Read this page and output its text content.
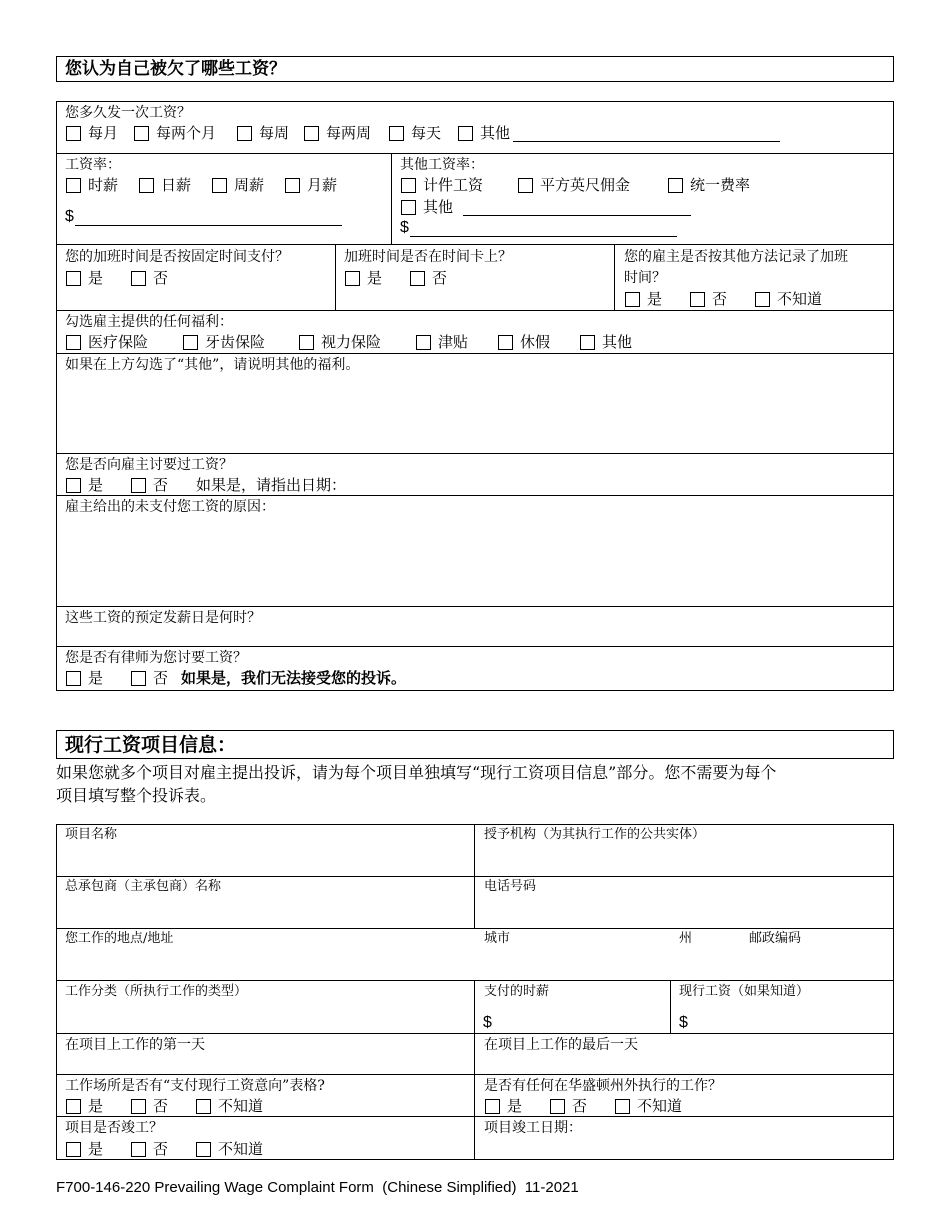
您认为自己被欠了哪些工资？
您多久发一次工资？
每月	每两个月	每周 每两周	每天	其他
工资率：
时薪	日薪	周薪	月薪
$
其他工资率：
计件工资	平方英尺佣金	统一费率
其他
$
您的加班时间是否按固定时间支付？
是	否
加班时间是否在时间卡上？
是	否
您的雇主是否按其他方法记录了加班
时间？
是	否	不知道
勾选雇主提供的任何福利：
医疗保险	牙齿保险	视力保险	津贴	休假	其他
如果在上方勾选了“其他”，请说明其他的福利。
您是否向雇主讨要过工资？
是	否 如果是，请指出日期：
雇主给出的未支付您工资的原因：
这些工资的预定发薪日是何时？
您是否有律师为您讨要工资？
是	否 如果是，我们无法接受您的投诉。
现行工资项目信息：
如果您就多个项目对雇主提出投诉，请为每个项目单独填写“现行工资项目信息”部分。您不需要为每个
项目填写整个投诉表。
项目名称	授予机构（为其执行工作的公共实体）
总承包商（主承包商）名称	电话号码
您工作的地点/地址	城市	州	邮政编码
工作分类（所执行工作的类型）	支付的时薪
$
现行工资（如果知道）
$
在项目上工作的第一天	在项目上工作的最后一天
工作场所是否有“支付现行工资意向”表格?
是	否	不知道
是否有任何在华盛顿州外执行的工作？
是	否	不知道
项目是否竣工？
是	否	不知道
项目竣工日期：
F700-146-220 Prevailing Wage Complaint Form  (Chinese Simplified)  11-2021
